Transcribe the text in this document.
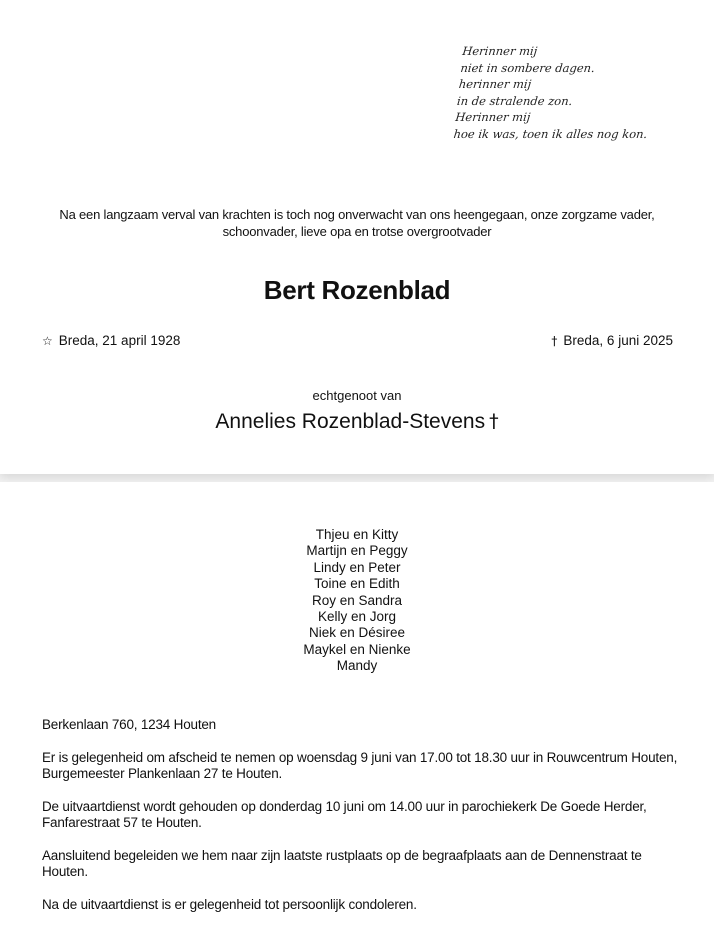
Herinner mij
niet in sombere dagen.
herinner mij
in de stralende zon.
Herinner mij
hoe ik was, toen ik alles nog kon.
Na een langzaam verval van krachten is toch nog onverwacht van ons heengegaan, onze zorgzame vader,
schoonvader, lieve opa en trotse overgrootvader
Bert Rozenblad
☆ Breda, 21 april 1928	† Breda, 6 juni 2025
echtgenoot van
Annelies Rozenblad-Stevens †
Thjeu en Kitty
Martijn en Peggy
Lindy en Peter
Toine en Edith
Roy en Sandra
Kelly en Jorg
Niek en Désiree
Maykel en Nienke
Mandy

Berkenlaan 760, 1234 Houten

Er is gelegenheid om afscheid te nemen op woensdag 9 juni van 17.00 tot 18.30 uur in Rouwcentrum Houten, Burgemeester Plankenlaan 27 te Houten.

De uitvaartdienst wordt gehouden op donderdag 10 juni om 14.00 uur in parochiekerk De Goede Herder, Fanfarestraat 57 te Houten.

Aansluitend begeleiden we hem naar zijn laatste rustplaats op de begraafplaats aan de Dennenstraat te Houten.

Na de uitvaartdienst is er gelegenheid tot persoonlijk condoleren.
